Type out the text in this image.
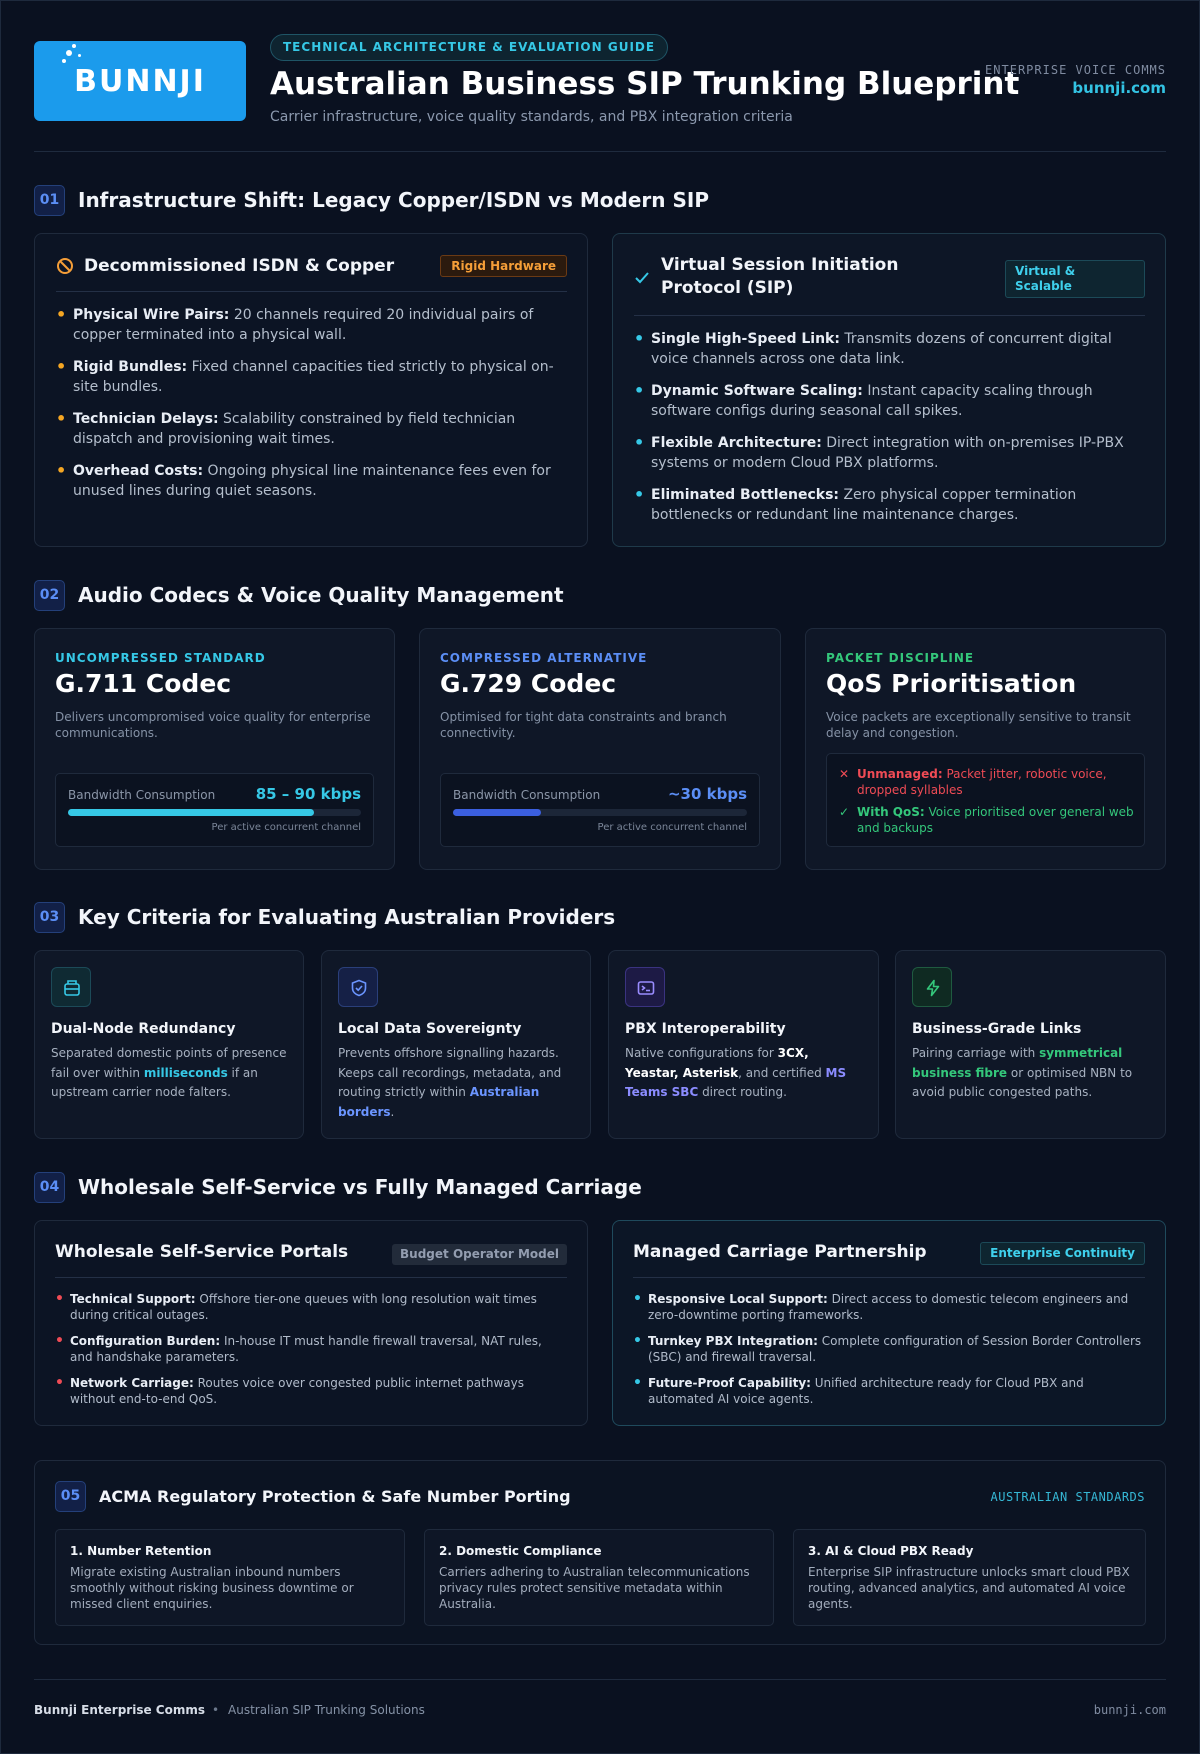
BUNNJI
TECHNICAL ARCHITECTURE & EVALUATION GUIDE
Australian Business SIP Trunking Blueprint
Carrier infrastructure, voice quality standards, and PBX integration criteria
ENTERPRISE VOICE COMMS
bunnji.com
01 Infrastructure Shift: Legacy Copper/ISDN vs Modern SIP
Decommissioned ISDN & Copper	Rigid Hardware
• Physical Wire Pairs: 20 channels required 20 individual pairs of copper terminated into a physical wall.
• Rigid Bundles: Fixed channel capacities tied strictly to physical on-site bundles.
• Technician Delays: Scalability constrained by field technician dispatch and provisioning wait times.
• Overhead Costs: Ongoing physical line maintenance fees even for unused lines during quiet seasons.
Virtual Session Initiation Protocol (SIP)
Virtual & Scalable
• Single High-Speed Link: Transmits dozens of concurrent digital voice channels across one data link.
• Dynamic Software Scaling: Instant capacity scaling through software configs during seasonal call spikes.
• Flexible Architecture: Direct integration with on-premises IP-PBX systems or modern Cloud PBX platforms.
• Eliminated Bottlenecks: Zero physical copper termination bottlenecks or redundant line maintenance charges.
02 Audio Codecs & Voice Quality Management
UNCOMPRESSED STANDARD
G.711 Codec
Delivers uncompromised voice quality for enterprise communications.
Bandwidth Consumption	85 – 90 kbps
Per active concurrent channel
COMPRESSED ALTERNATIVE
G.729 Codec
Optimised for tight data constraints and branch connectivity.
Bandwidth Consumption	~30 kbps
Per active concurrent channel
PACKET DISCIPLINE
QoS Prioritisation
Voice packets are exceptionally sensitive to transit delay and congestion.
✕ Unmanaged: Packet jitter, robotic voice, dropped syllables
✓ With QoS: Voice prioritised over general web and backups
03 Key Criteria for Evaluating Australian Providers
Dual-Node Redundancy
Separated domestic points of presence fail over within milliseconds if an upstream carrier node falters.
Local Data Sovereignty
Prevents offshore signalling hazards. Keeps call recordings, metadata, and routing strictly within Australian borders.
PBX Interoperability
Native configurations for 3CX, Yeastar, Asterisk, and certified MS Teams SBC direct routing.
Business-Grade Links
Pairing carriage with symmetrical business fibre or optimised NBN to avoid public congested paths.
04 Wholesale Self-Service vs Fully Managed Carriage
Wholesale Self-Service Portals	Budget Operator Model
• Technical Support: Offshore tier-one queues with long resolution wait times during critical outages.
• Configuration Burden: In-house IT must handle firewall traversal, NAT rules, and handshake parameters.
• Network Carriage: Routes voice over congested public internet pathways without end-to-end QoS.
Managed Carriage Partnership	Enterprise Continuity
• Responsive Local Support: Direct access to domestic telecom engineers and zero-downtime porting frameworks.
• Turnkey PBX Integration: Complete configuration of Session Border Controllers (SBC) and firewall traversal.
• Future-Proof Capability: Unified architecture ready for Cloud PBX and automated AI voice agents.
05	ACMA Regulatory Protection & Safe Number Porting	AUSTRALIAN STANDARDS
1. Number Retention
Migrate existing Australian inbound numbers smoothly without risking business downtime or missed client enquiries.
2. Domestic Compliance
Carriers adhering to Australian telecommunications privacy rules protect sensitive metadata within Australia.
3. AI & Cloud PBX Ready
Enterprise SIP infrastructure unlocks smart cloud PBX routing, advanced analytics, and automated AI voice agents.
Bunnji Enterprise Comms • Australian SIP Trunking Solutions	bunnji.com
